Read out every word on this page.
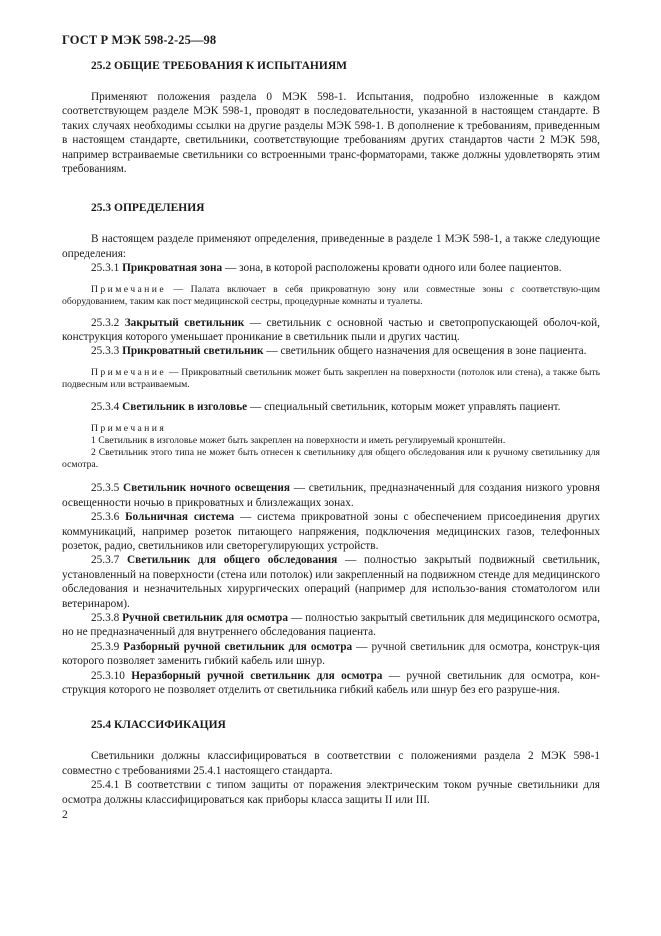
ГОСТ Р МЭК 598-2-25—98
25.2 ОБЩИЕ ТРЕБОВАНИЯ К ИСПЫТАНИЯМ

Применяют положения раздела 0 МЭК 598-1. Испытания, подробно изложенные в каждом соответствующем разделе МЭК 598-1, проводят в последовательности, указанной в настоящем стандарте. В таких случаях необходимы ссылки на другие разделы МЭК 598-1. В дополнение к требованиям, приведенным в настоящем стандарте, светильники, соответствующие требованиям других стандартов части 2 МЭК 598, например встраиваемые светильники со встроенными транс-форматорами, также должны удовлетворять этим требованиям.

25.3 ОПРЕДЕЛЕНИЯ

В настоящем разделе применяют определения, приведенные в разделе 1 МЭК 598-1, а также следующие определения:

25.3.1 Прикроватная зона — зона, в которой расположены кровати одного или более пациентов.

Примечание — Палата включает в себя прикроватную зону или совместные зоны с соответствую-щим оборудованием, таким как пост медицинской сестры, процедурные комнаты и туалеты.

25.3.2 Закрытый светильник — светильник с основной частью и светопропускающей оболоч-кой, конструкция которого уменьшает проникание в светильник пыли и других частиц.

25.3.3 Прикроватный светильник — светильник общего назначения для освещения в зоне пациента.

Примечание — Прикроватный светильник может быть закреплен на поверхности (потолок или стена), а также быть подвесным или встраиваемым.

25.3.4 Светильник в изголовье — специальный светильник, которым может управлять пациент.

Примечания

1 Светильник в изголовье может быть закреплен на поверхности и иметь регулируемый кронштейн.

2 Светильник этого типа не может быть отнесен к светильнику для общего обследования или к ручному светильнику для осмотра.

25.3.5 Светильник ночного освещения — светильник, предназначенный для создания низкого уровня освещенности ночью в прикроватных и близлежащих зонах.

25.3.6 Больничная система — система прикроватной зоны с обеспечением присоединения других коммуникаций, например розеток питающего напряжения, подключения медицинских газов, телефонных розеток, радио, светильников или светорегулирующих устройств.

25.3.7 Светильник для общего обследования — полностью закрытый подвижный светильник, установленный на поверхности (стена или потолок) или закрепленный на подвижном стенде для медицинского обследования и незначительных хирургических операций (например для использо-вания стоматологом или ветеринаром).

25.3.8 Ручной светильник для осмотра — полностью закрытый светильник для медицинского осмотра, но не предназначенный для внутреннего обследования пациента.

25.3.9 Разборный ручной светильник для осмотра — ручной светильник для осмотра, конструк-ция которого позволяет заменить гибкий кабель или шнур.

25.3.10 Неразборный ручной светильник для осмотра — ручной светильник для осмотра, кон-струкция которого не позволяет отделить от светильника гибкий кабель или шнур без его разруше-ния.

25.4 КЛАССИФИКАЦИЯ

Светильники должны классифицироваться в соответствии с положениями раздела 2 МЭК 598-1 совместно с требованиями 25.4.1 настоящего стандарта.

25.4.1 В соответствии с типом защиты от поражения электрическим током ручные светильники для осмотра должны классифицироваться как приборы класса защиты II или III.

2
